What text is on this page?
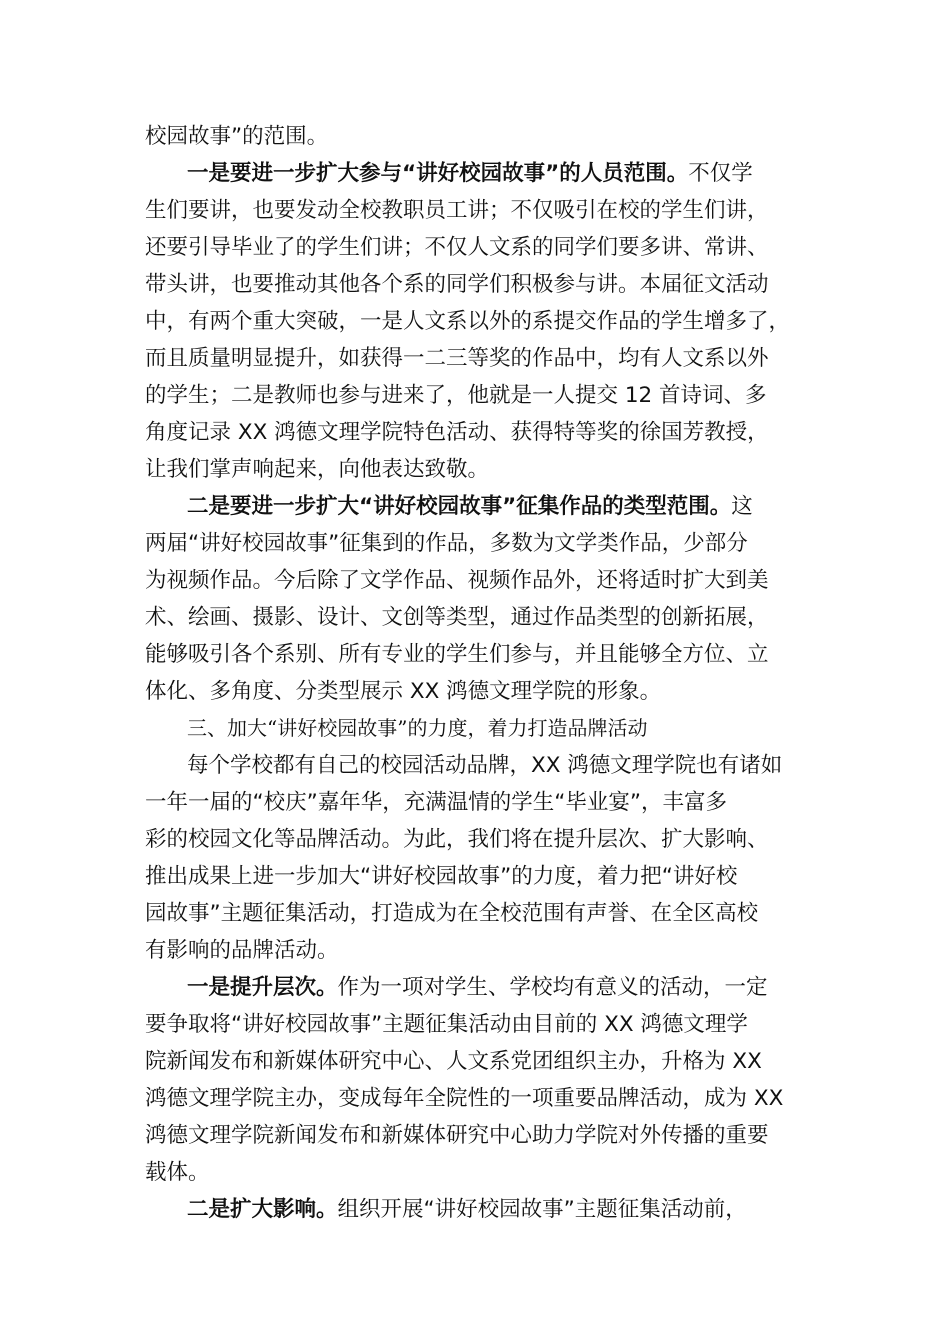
校园故事”的范围。
一是要进一步扩大参与“讲好校园故事”的人员范围。不仅学
生们要讲，也要发动全校教职员工讲；不仅吸引在校的学生们讲，
还要引导毕业了的学生们讲；不仅人文系的同学们要多讲、常讲、
带头讲，也要推动其他各个系的同学们积极参与讲。本届征文活动
中，有两个重大突破，一是人文系以外的系提交作品的学生增多了，
而且质量明显提升，如获得一二三等奖的作品中，均有人文系以外
的学生；二是教师也参与进来了，他就是一人提交 12 首诗词、多
角度记录 XX 鸿德文理学院特色活动、获得特等奖的徐国芳教授，
让我们掌声响起来，向他表达致敬。
二是要进一步扩大“讲好校园故事”征集作品的类型范围。这
两届“讲好校园故事”征集到的作品，多数为文学类作品，少部分
为视频作品。今后除了文学作品、视频作品外，还将适时扩大到美
术、绘画、摄影、设计、文创等类型，通过作品类型的创新拓展，
能够吸引各个系别、所有专业的学生们参与，并且能够全方位、立
体化、多角度、分类型展示 XX 鸿德文理学院的形象。
三、加大“讲好校园故事”的力度，着力打造品牌活动
每个学校都有自己的校园活动品牌，XX 鸿德文理学院也有诸如
一年一届的“校庆”嘉年华，充满温情的学生“毕业宴”，丰富多
彩的校园文化等品牌活动。为此，我们将在提升层次、扩大影响、
推出成果上进一步加大“讲好校园故事”的力度，着力把“讲好校
园故事”主题征集活动，打造成为在全校范围有声誉、在全区高校
有影响的品牌活动。
一是提升层次。作为一项对学生、学校均有意义的活动，一定
要争取将“讲好校园故事”主题征集活动由目前的 XX 鸿德文理学
院新闻发布和新媒体研究中心、人文系党团组织主办，升格为 XX
鸿德文理学院主办，变成每年全院性的一项重要品牌活动，成为 XX
鸿德文理学院新闻发布和新媒体研究中心助力学院对外传播的重要
载体。
二是扩大影响。组织开展“讲好校园故事”主题征集活动前，
